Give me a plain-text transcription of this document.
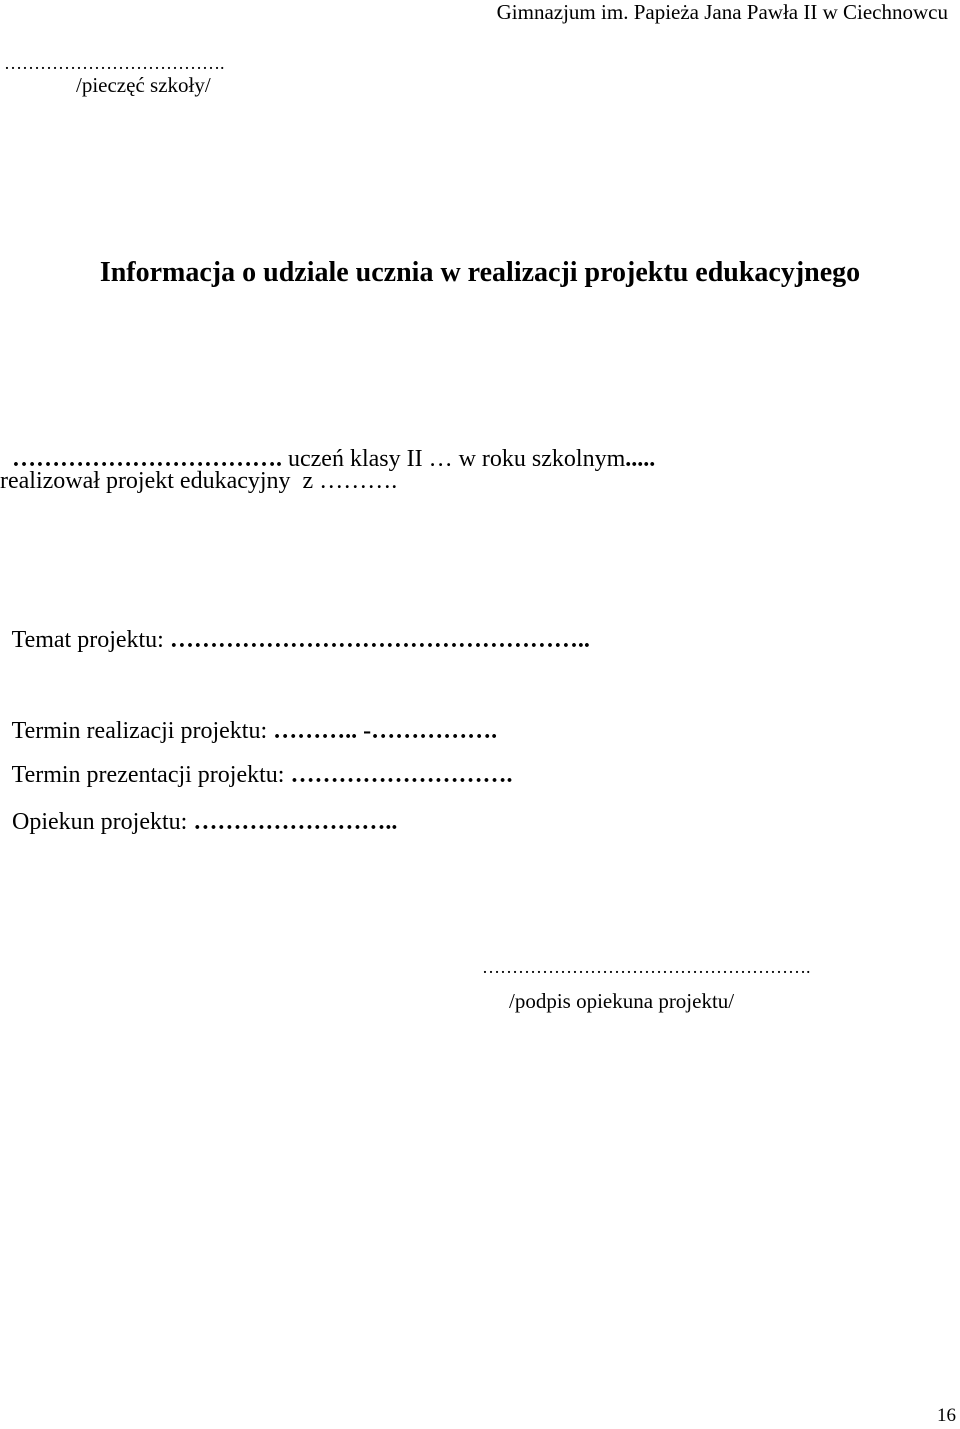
Gimnazjum im. Papieża Jana Pawła II w Ciechnowcu
……………………………….
/pieczęć szkoły/
Informacja o udziale ucznia w realizacji projektu edukacyjnego

……………………………. uczeń klasy II … w roku szkolnym.....

realizował projekt edukacyjny  z ……….

Temat projektu: ……………………………………………..

Termin realizacji projektu: ……….. -…………….

Termin prezentacji projektu: ……………………….

Opiekun projektu: ……………………..

……………………………………………….
/podpis opiekuna projektu/
16
